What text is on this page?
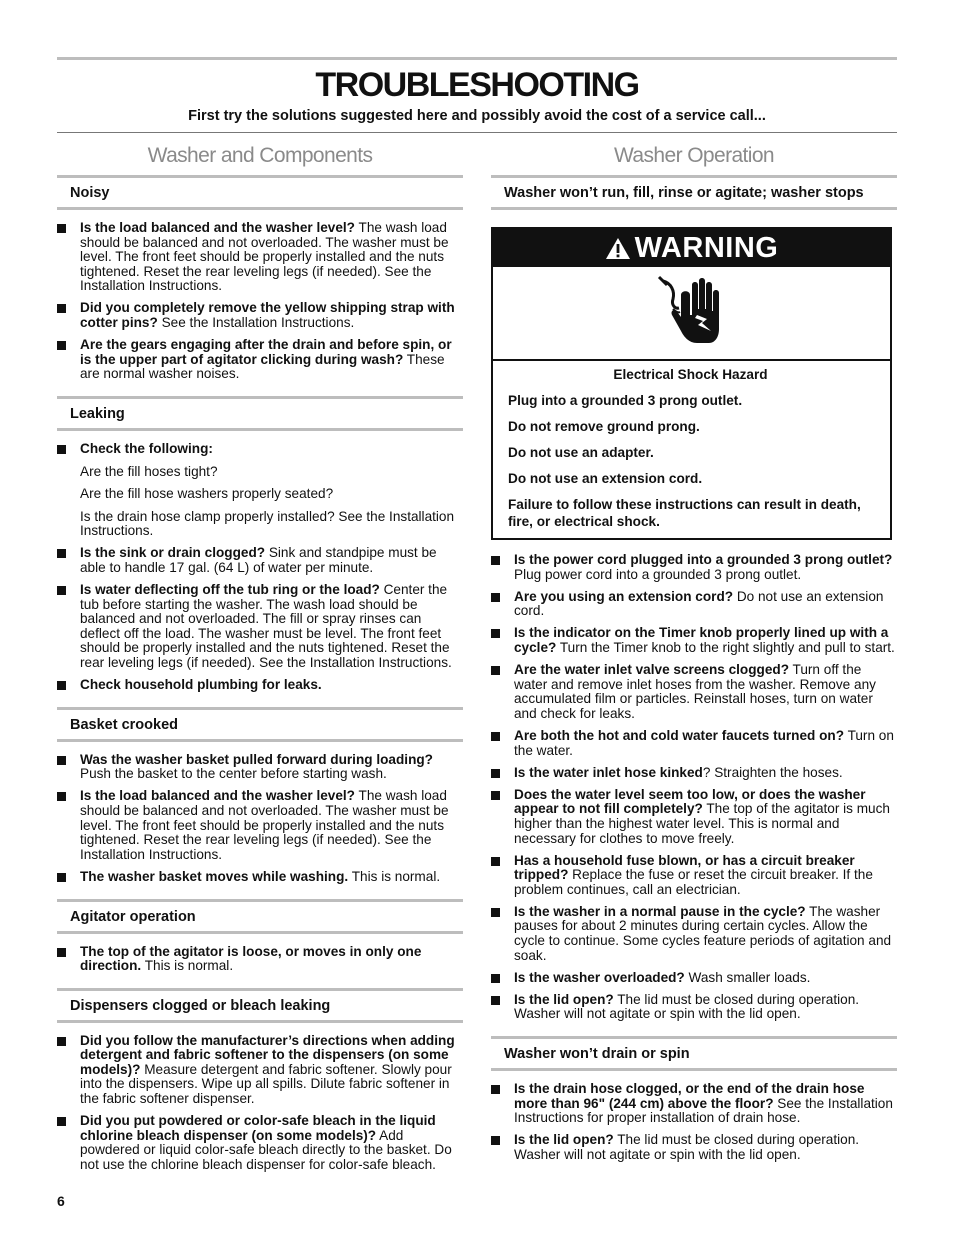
TROUBLESHOOTING
First try the solutions suggested here and possibly avoid the cost of a service call...
Washer and Components
Noisy
Is the load balanced and the washer level? The wash load should be balanced and not overloaded. The washer must be level. The front feet should be properly installed and the nuts tightened. Reset the rear leveling legs (if needed). See the Installation Instructions.
Did you completely remove the yellow shipping strap with cotter pins? See the Installation Instructions.
Are the gears engaging after the drain and before spin, or is the upper part of agitator clicking during wash? These are normal washer noises.
Leaking
Check the following:
Are the fill hoses tight?
Are the fill hose washers properly seated?
Is the drain hose clamp properly installed? See the Installation Instructions.
Is the sink or drain clogged? Sink and standpipe must be able to handle 17 gal. (64 L) of water per minute.
Is water deflecting off the tub ring or the load? Center the tub before starting the washer. The wash load should be balanced and not overloaded. The fill or spray rinses can deflect off the load. The washer must be level. The front feet should be properly installed and the nuts tightened. Reset the rear leveling legs (if needed). See the Installation Instructions.
Check household plumbing for leaks.
Basket crooked
Was the washer basket pulled forward during loading? Push the basket to the center before starting wash.
Is the load balanced and the washer level? The wash load should be balanced and not overloaded. The washer must be level. The front feet should be properly installed and the nuts tightened. Reset the rear leveling legs (if needed). See the Installation Instructions.
The washer basket moves while washing. This is normal.
Agitator operation
The top of the agitator is loose, or moves in only one direction. This is normal.
Dispensers clogged or bleach leaking
Did you follow the manufacturer’s directions when adding detergent and fabric softener to the dispensers (on some models)? Measure detergent and fabric softener. Slowly pour into the dispensers. Wipe up all spills. Dilute fabric softener in the fabric softener dispenser.
Did you put powdered or color-safe bleach in the liquid chlorine bleach dispenser (on some models)? Add powdered or liquid color-safe bleach directly to the basket. Do not use the chlorine bleach dispenser for color-safe bleach.
Washer Operation
Washer won’t run, fill, rinse or agitate; washer stops
WARNING
Electrical Shock Hazard

Plug into a grounded 3 prong outlet.

Do not remove ground prong.

Do not use an adapter.

Do not use an extension cord.

Failure to follow these instructions can result in death, fire, or electrical shock.

Is the power cord plugged into a grounded 3 prong outlet? Plug power cord into a grounded 3 prong outlet.
Are you using an extension cord? Do not use an extension cord.
Is the indicator on the Timer knob properly lined up with a cycle? Turn the Timer knob to the right slightly and pull to start.
Are the water inlet valve screens clogged? Turn off the water and remove inlet hoses from the washer. Remove any accumulated film or particles. Reinstall hoses, turn on water and check for leaks.
Are both the hot and cold water faucets turned on? Turn on the water.
Is the water inlet hose kinked? Straighten the hoses.
Does the water level seem too low, or does the washer appear to not fill completely? The top of the agitator is much higher than the highest water level. This is normal and necessary for clothes to move freely.
Has a household fuse blown, or has a circuit breaker tripped? Replace the fuse or reset the circuit breaker. If the problem continues, call an electrician.
Is the washer in a normal pause in the cycle? The washer pauses for about 2 minutes during certain cycles. Allow the cycle to continue. Some cycles feature periods of agitation and soak.
Is the washer overloaded? Wash smaller loads.
Is the lid open? The lid must be closed during operation. Washer will not agitate or spin with the lid open.
Washer won’t drain or spin
Is the drain hose clogged, or the end of the drain hose more than 96" (244 cm) above the floor? See the Installation Instructions for proper installation of drain hose.
Is the lid open? The lid must be closed during operation. Washer will not agitate or spin with the lid open.
6
